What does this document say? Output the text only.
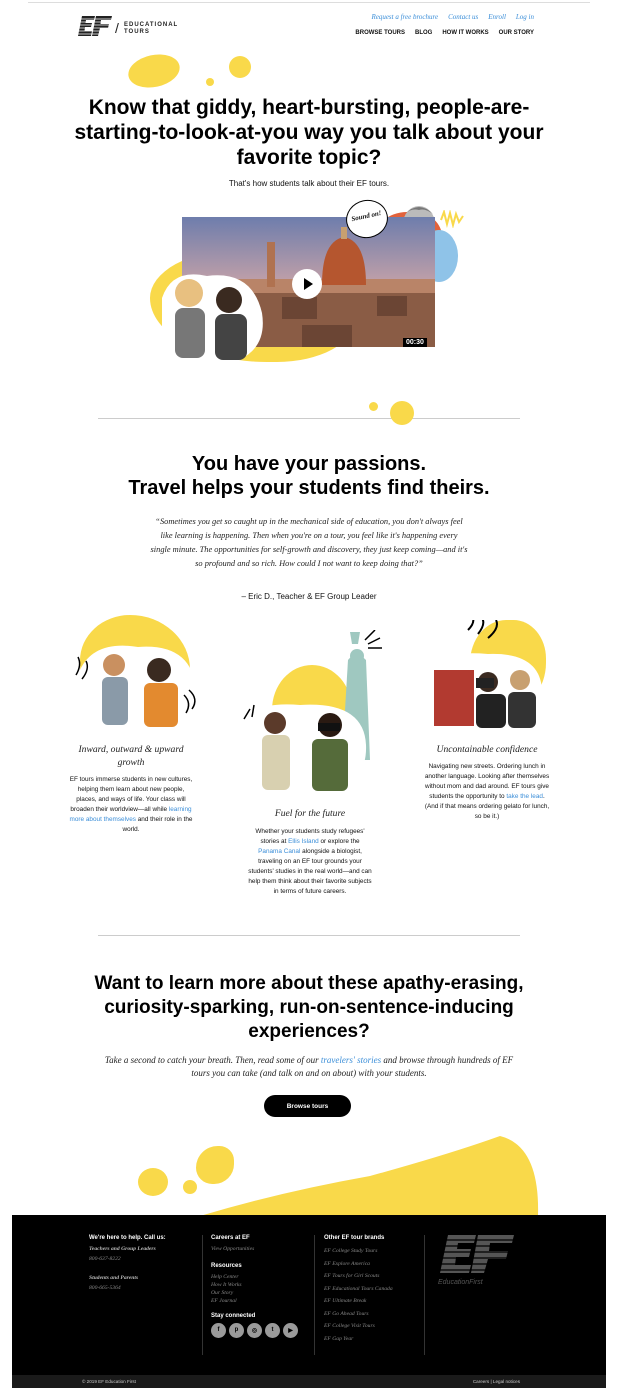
/ EDUCATIONAL TOURS
Request a free brochure Contact us Enroll Log in
BROWSE TOURS BLOG HOW IT WORKS OUR STORY
Know that giddy, heart-bursting, people-are-starting-to-look-at-you way you talk about your favorite topic?
That's how students talk about their EF tours.
00:30
Sound on!
You have your passions.
Travel helps your students find theirs.
“Sometimes you get so caught up in the mechanical side of education, you don't always feel like learning is happening. Then when you're on a tour, you feel like it's happening every single minute. The opportunities for self-growth and discovery, they just keep coming—and it's so profound and so rich. How could I not want to keep doing that?”
– Eric D., Teacher & EF Group Leader
Inward, outward & upward growth
EF tours immerse students in new cultures, helping them learn about new people, places, and ways of life. Your class will broaden their worldview—all while learning more about themselves and their role in the world.
Fuel for the future
Whether your students study refugees' stories at Ellis Island or explore the Panama Canal alongside a biologist, traveling on an EF tour grounds your students' studies in the real world—and can help them think about their favorite subjects in terms of future careers.
Uncontainable confidence
Navigating new streets. Ordering lunch in another language. Looking after themselves without mom and dad around. EF tours give students the opportunity to take the lead. (And if that means ordering gelato for lunch, so be it.)
Want to learn more about these apathy-erasing, curiosity-sparking, run-on-sentence-inducing experiences?
Take a second to catch your breath. Then, read some of our travelers' stories and browse through hundreds of EF tours you can take (and talk on and on about) with your students.
Browse tours
We're here to help. Call us:
Teachers and Group Leaders
800-637-8222
Students and Parents
800-665-5364
Careers at EF
View Opportunities
Resources
Help Center
How It Works
Our Story
EF Journal
Stay connected
f	p	◎	t	▶
Other EF tour brands
EF College Study Tours
EF Explore America
EF Tours for Girl Scouts
EF Educational Tours Canada
EF Ultimate Break
EF Go Ahead Tours
EF College Visit Tours
EF Gap Year
EducationFirst
© 2019 EF Education First	Careers | Legal notices
